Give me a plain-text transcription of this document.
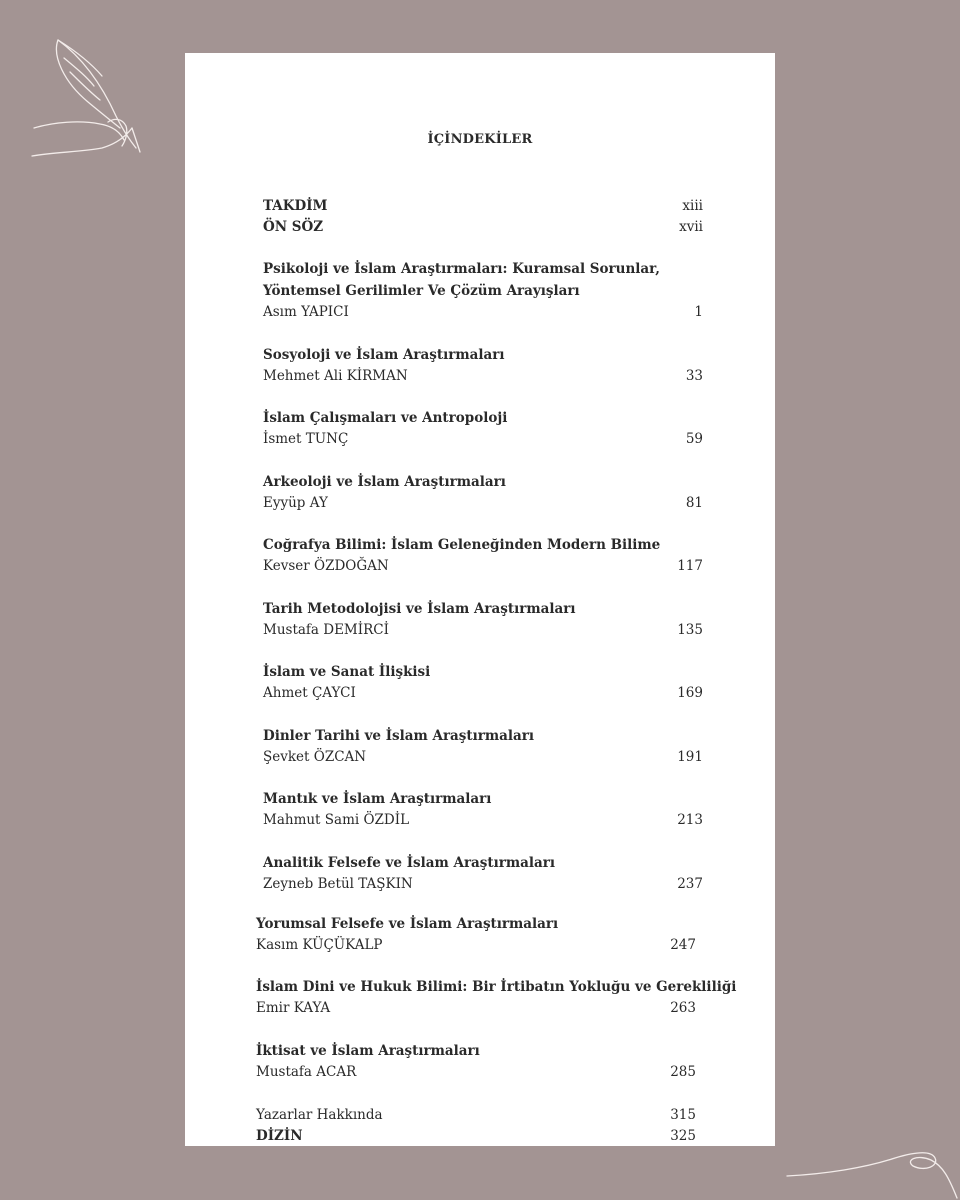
İÇİNDEKİLER
TAKDİM	xiii
ÖN SÖZ	xvii
Psikoloji ve İslam Araştırmaları: Kuramsal Sorunlar,
Yöntemsel Gerilimler Ve Çözüm Arayışları
Asım YAPICI	1
Sosyoloji ve İslam Araştırmaları
Mehmet Ali KİRMAN	33
İslam Çalışmaları ve Antropoloji
İsmet TUNÇ	59
Arkeoloji ve İslam Araştırmaları
Eyyüp AY	81
Coğrafya Bilimi: İslam Geleneğinden Modern Bilime
Kevser ÖZDOĞAN	117
Tarih Metodolojisi ve İslam Araştırmaları
Mustafa DEMİRCİ	135
İslam ve Sanat İlişkisi
Ahmet ÇAYCI	169
Dinler Tarihi ve İslam Araştırmaları
Şevket ÖZCAN	191
Mantık ve İslam Araştırmaları
Mahmut Sami ÖZDİL	213
Analitik Felsefe ve İslam Araştırmaları
Zeyneb Betül TAŞKIN	237
Yorumsal Felsefe ve İslam Araştırmaları
Kasım KÜÇÜKALP	247
İslam Dini ve Hukuk Bilimi: Bir İrtibatın Yokluğu ve Gerekliliği
Emir KAYA	263
İktisat ve İslam Araştırmaları
Mustafa ACAR	285
Yazarlar Hakkında	315
DİZİN	325
